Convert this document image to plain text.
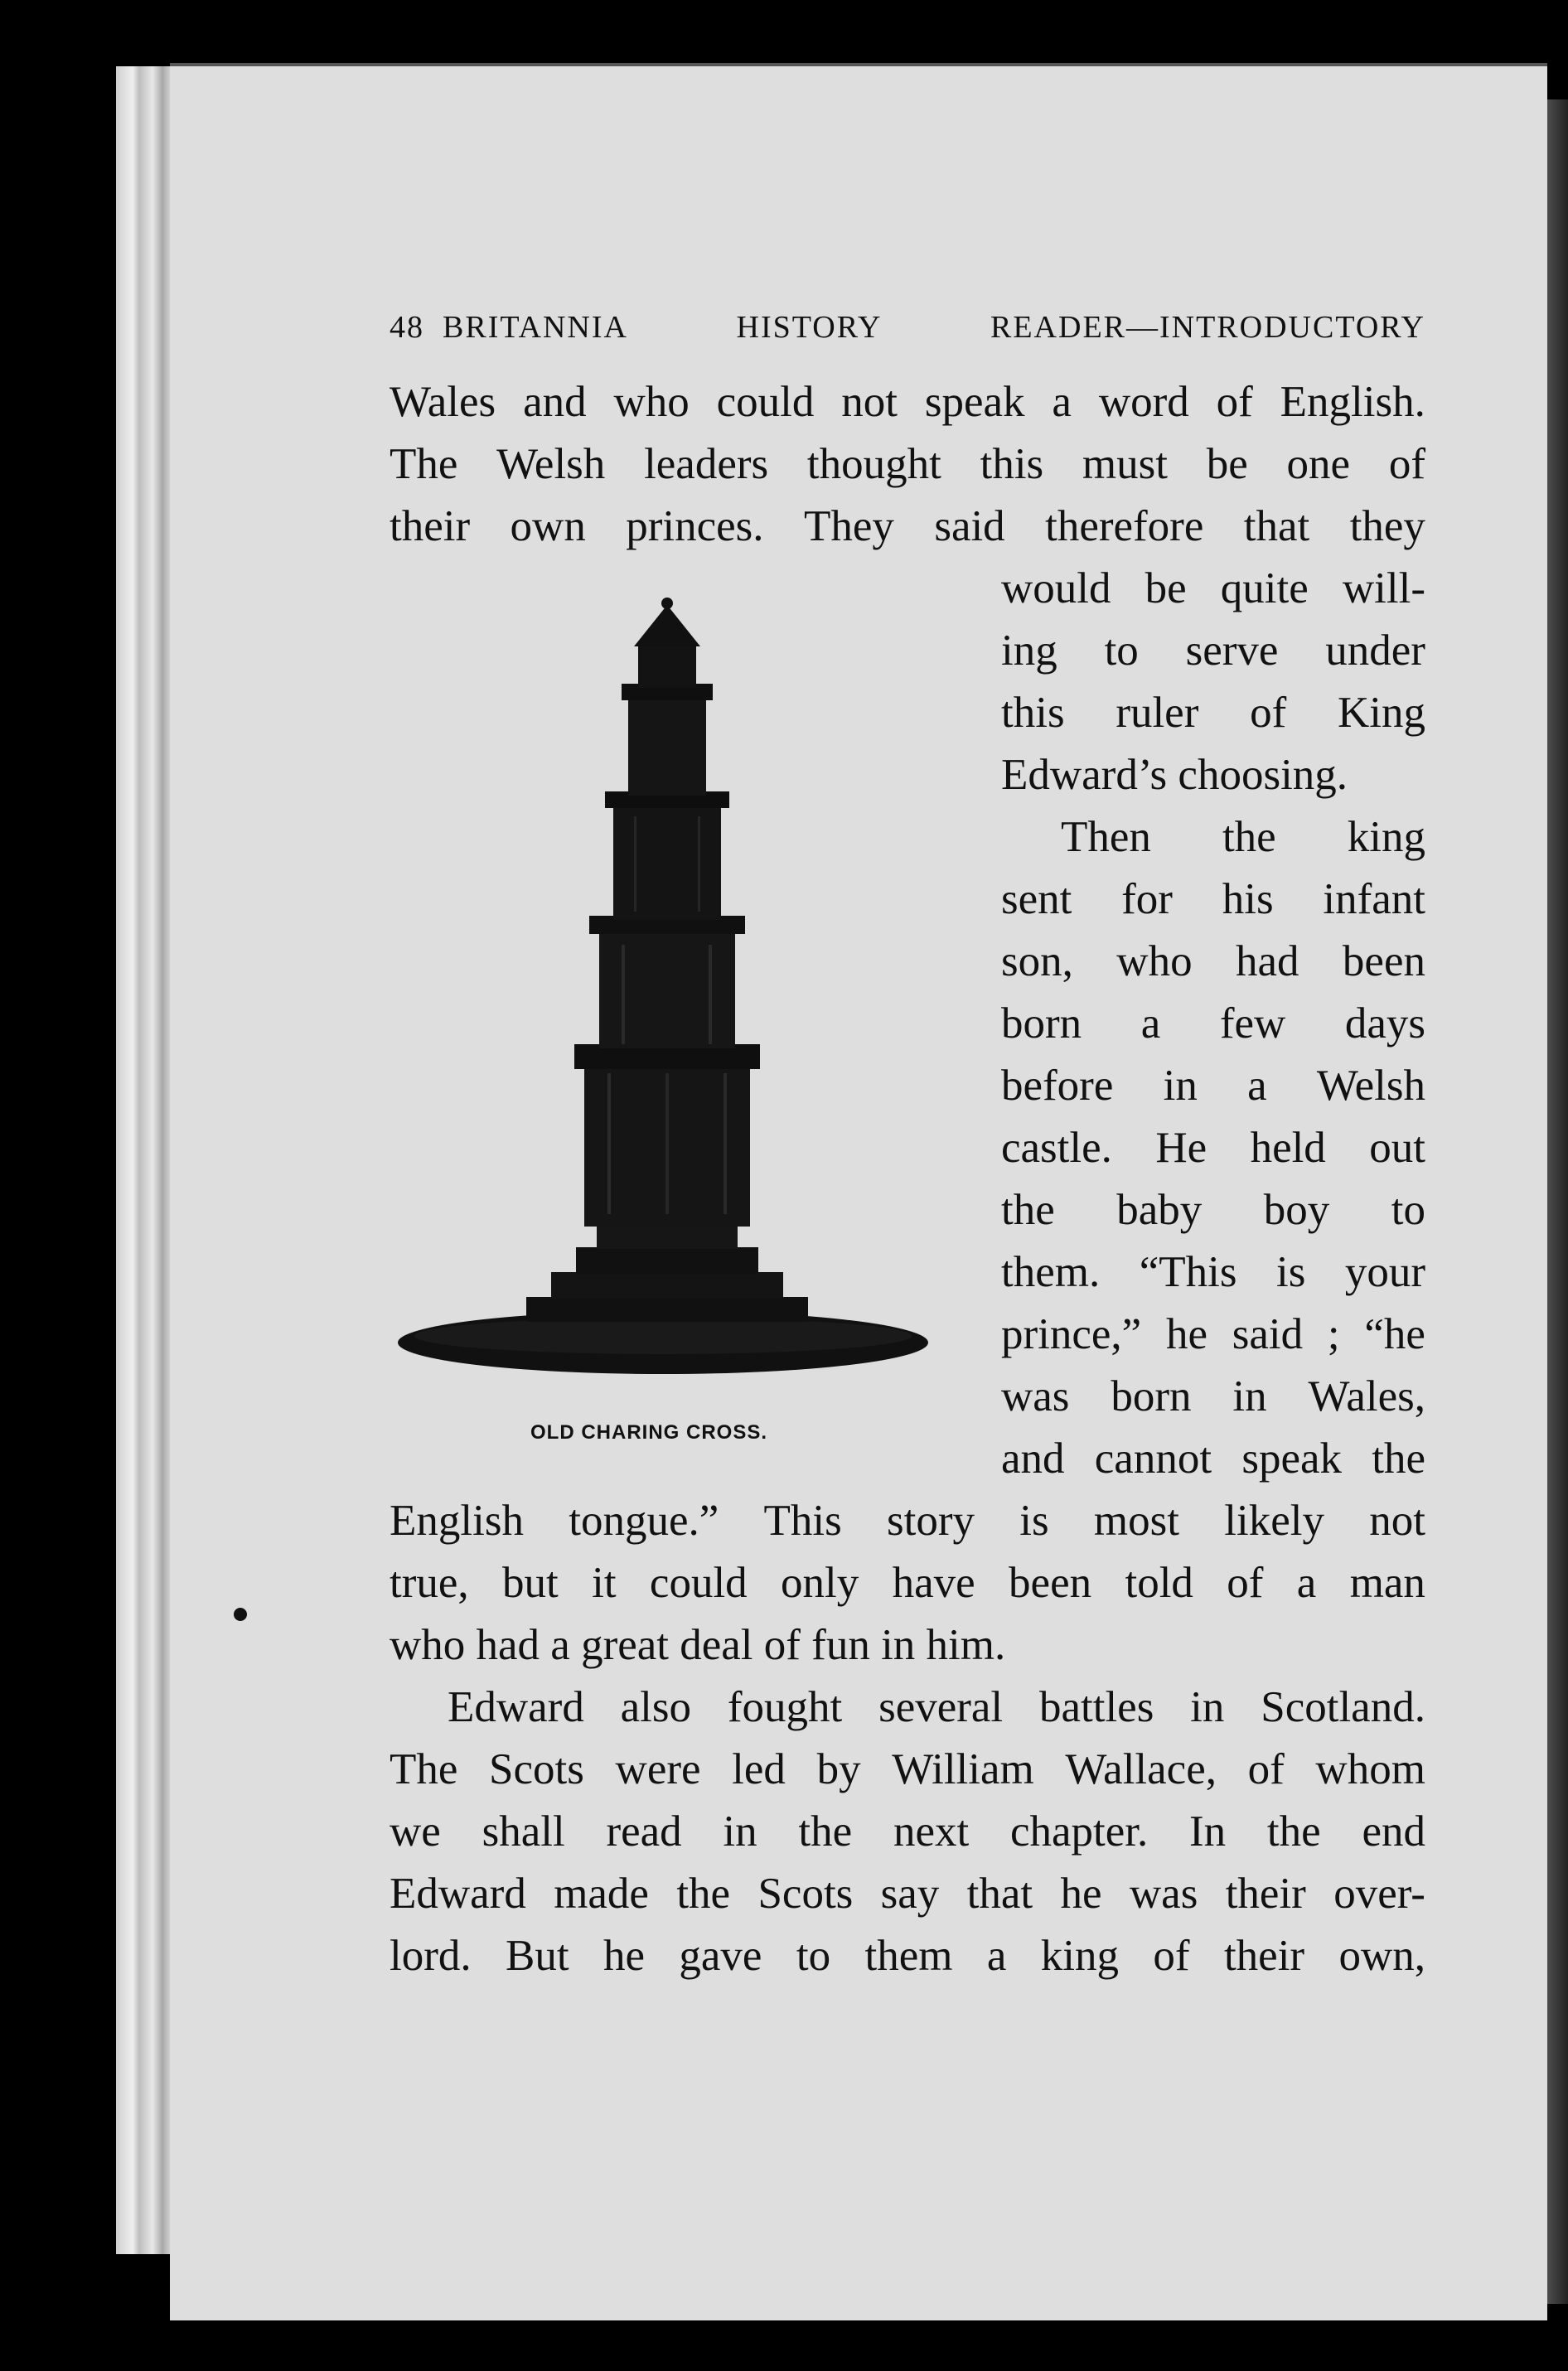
48 BRITANNIA	HISTORY	READER—INTRODUCTORY
Wales and who could not speak a word of English.
The Welsh leaders thought this must be one of
their own princes. They said therefore that they
would be quite will-
ing to serve under
this ruler of King
Edward’s choosing.
Then the king
sent for his infant
son, who had been
born a few days
before in a Welsh
castle. He held out
the baby boy to
them. “This is your
prince,” he said ; “he
was born in Wales,
and cannot speak the
English tongue.” This story is most likely not
true, but it could only have been told of a man
who had a great deal of fun in him.
Edward also fought several battles in Scotland.
The Scots were led by William Wallace, of whom
we shall read in the next chapter. In the end
Edward made the Scots say that he was their over-
lord. But he gave to them a king of their own,
OLD CHARING CROSS.
